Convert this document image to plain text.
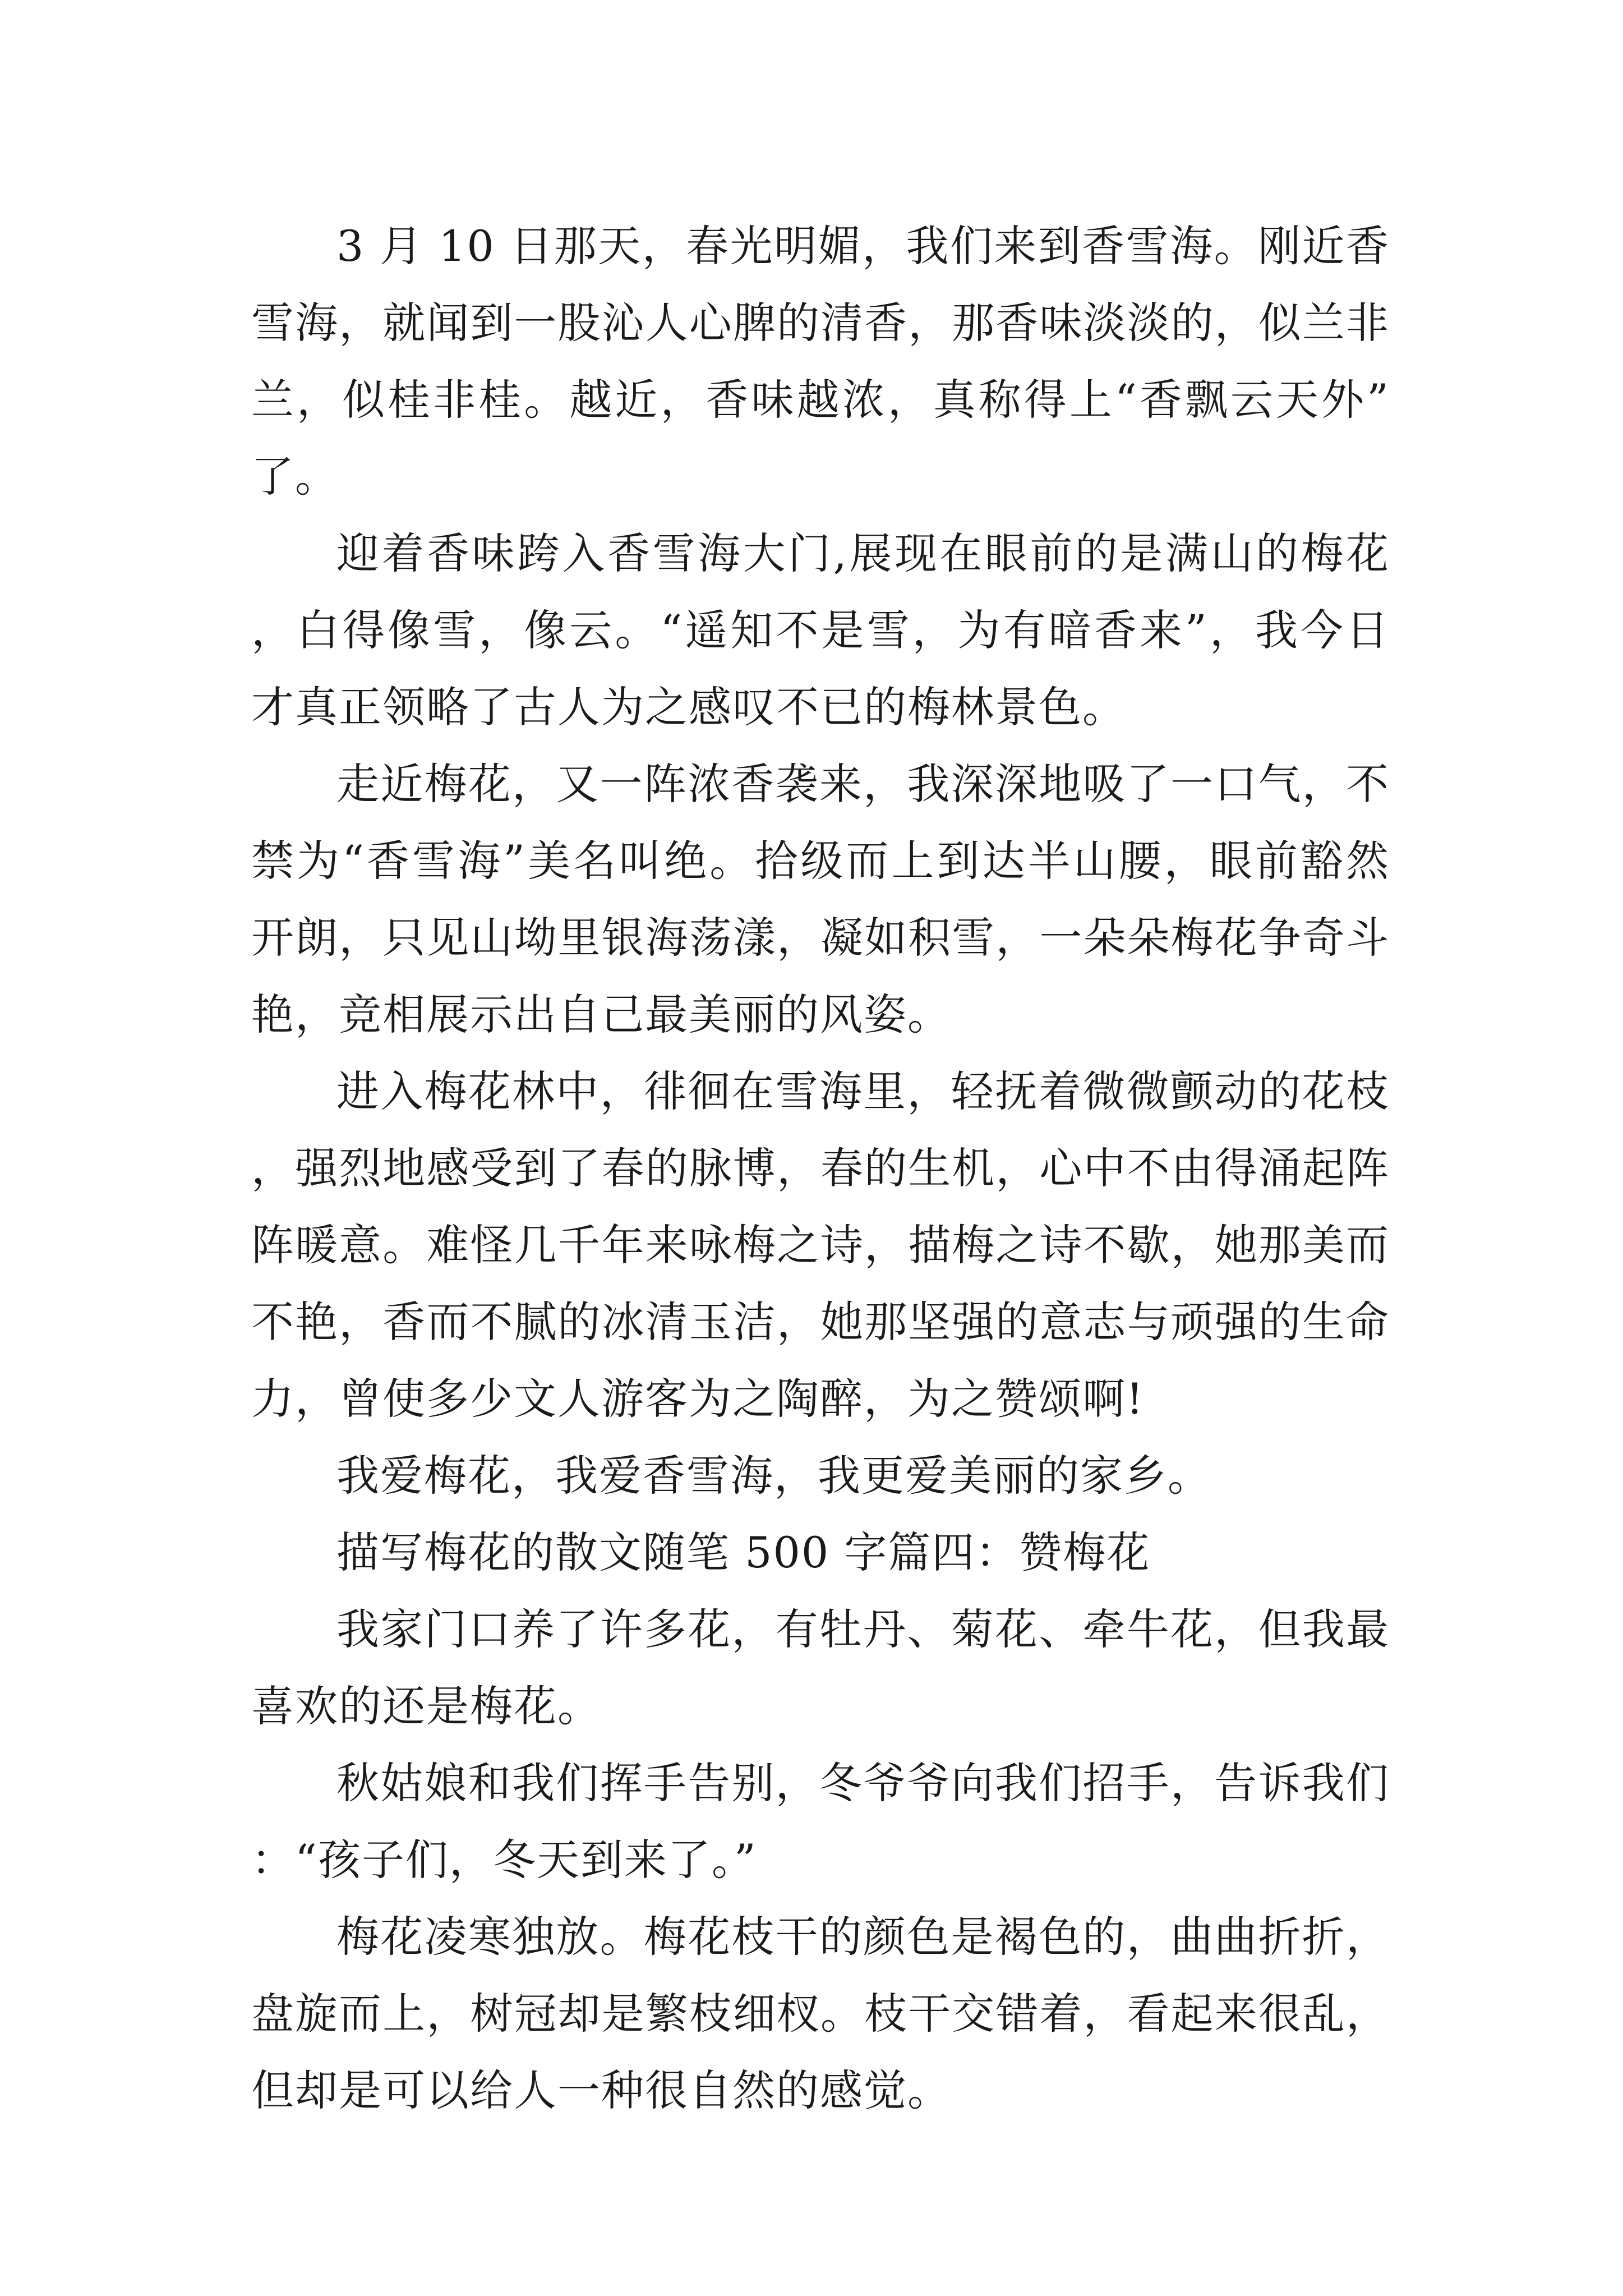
3 月 10 日那天，春光明媚，我们来到香雪海。刚近香雪海，就闻到一股沁人心脾的清香，那香味淡淡的，似兰非兰，似桂非桂。越近，香味越浓，真称得上“香飘云天外”了。

迎着香味跨入香雪海大门,展现在眼前的是满山的梅花，白得像雪，像云。“遥知不是雪，为有暗香来”，我今日才真正领略了古人为之感叹不已的梅林景色。

走近梅花，又一阵浓香袭来，我深深地吸了一口气，不禁为“香雪海”美名叫绝。拾级而上到达半山腰，眼前豁然开朗，只见山坳里银海荡漾，凝如积雪，一朵朵梅花争奇斗艳，竞相展示出自己最美丽的风姿。

进入梅花林中，徘徊在雪海里，轻抚着微微颤动的花枝，强烈地感受到了春的脉博，春的生机，心中不由得涌起阵阵暖意。难怪几千年来咏梅之诗，描梅之诗不歇，她那美而不艳，香而不腻的冰清玉洁，她那坚强的意志与顽强的生命力，曾使多少文人游客为之陶醉，为之赞颂啊!

我爱梅花，我爱香雪海，我更爱美丽的家乡。

描写梅花的散文随笔 500 字篇四：赞梅花

我家门口养了许多花，有牡丹、菊花、牵牛花，但我最喜欢的还是梅花。

秋姑娘和我们挥手告别，冬爷爷向我们招手，告诉我们：“孩子们，冬天到来了。”

梅花凌寒独放。梅花枝干的颜色是褐色的，曲曲折折，盘旋而上，树冠却是繁枝细杈。枝干交错着，看起来很乱，但却是可以给人一种很自然的感觉。
